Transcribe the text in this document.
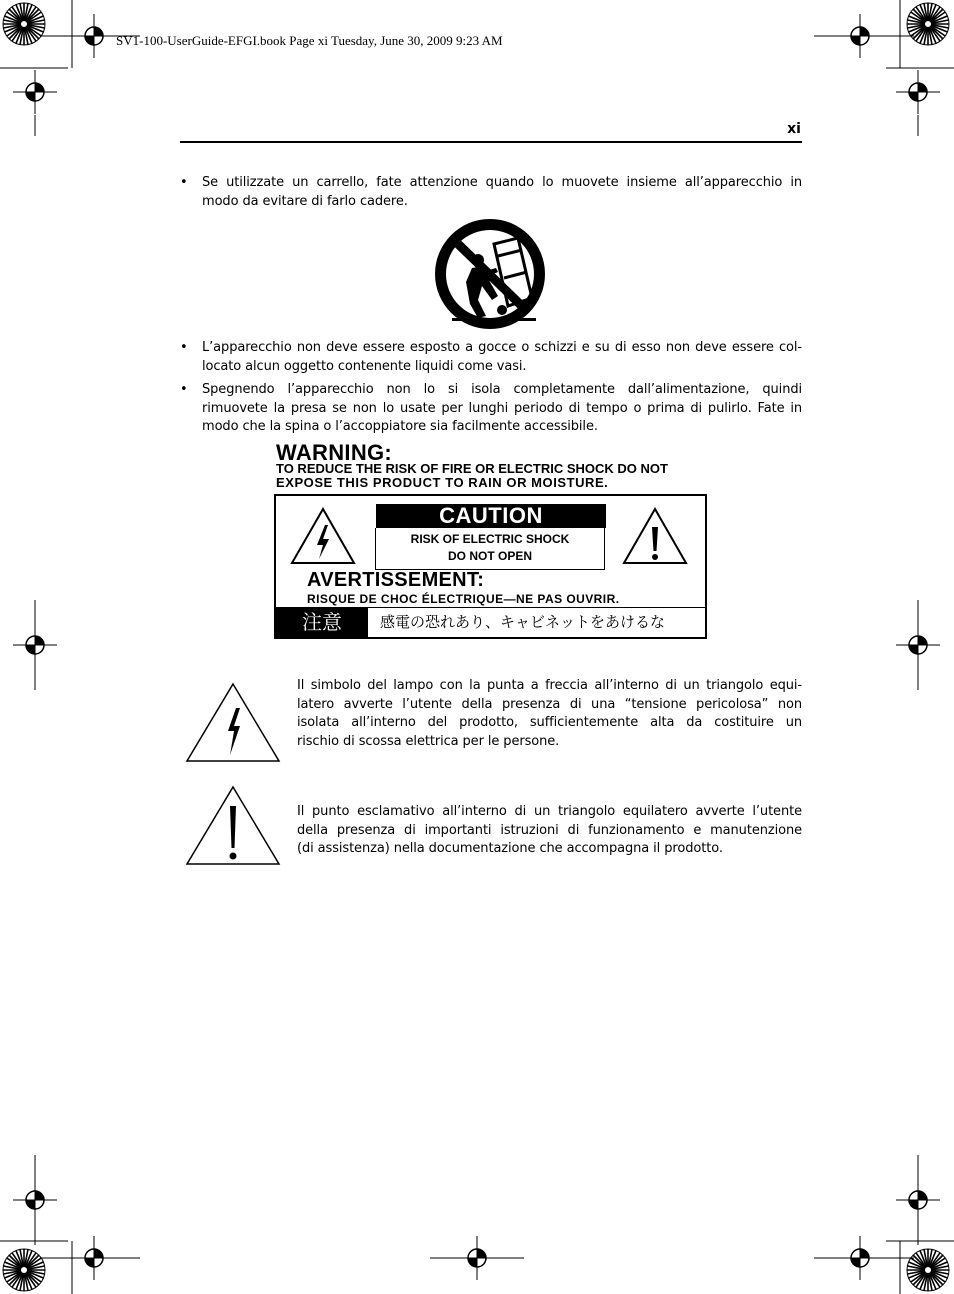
SV1-100-UserGuide-EFGI.book Page xi Tuesday, June 30, 2009 9:23 AM
xi
• Se utilizzate un carrello, fate attenzione quando lo muovete insieme all’apparecchio in
modo da evitare di farlo cadere.
• L’apparecchio non deve essere esposto a gocce o schizzi e su di esso non deve essere col-
locato alcun oggetto contenente liquidi come vasi.
• Spegnendo l’apparecchio non lo si isola completamente dall’alimentazione, quindi
rimuovete la presa se non lo usate per lunghi periodo di tempo o prima di pulirlo. Fate in
modo che la spina o l’accoppiatore sia facilmente accessibile.
WARNING:
TO REDUCE THE RISK OF FIRE OR ELECTRIC SHOCK DO NOT
EXPOSE THIS PRODUCT TO RAIN OR MOISTURE.
CAUTION
RISK OF ELECTRIC SHOCK
DO NOT OPEN
AVERTISSEMENT:
RISQUE DE CHOC ÉLECTRIQUE—NE PAS OUVRIR.
注意	感電の恐れあり、キャビネットをあけるな
Il simbolo del lampo con la punta a freccia all’interno di un triangolo equi-
latero avverte l’utente della presenza di una “tensione pericolosa” non
isolata all’interno del prodotto, sufficientemente alta da costituire un
rischio di scossa elettrica per le persone.
Il punto esclamativo all’interno di un triangolo equilatero avverte l’utente
della presenza di importanti istruzioni di funzionamento e manutenzione
(di assistenza) nella documentazione che accompagna il prodotto.
